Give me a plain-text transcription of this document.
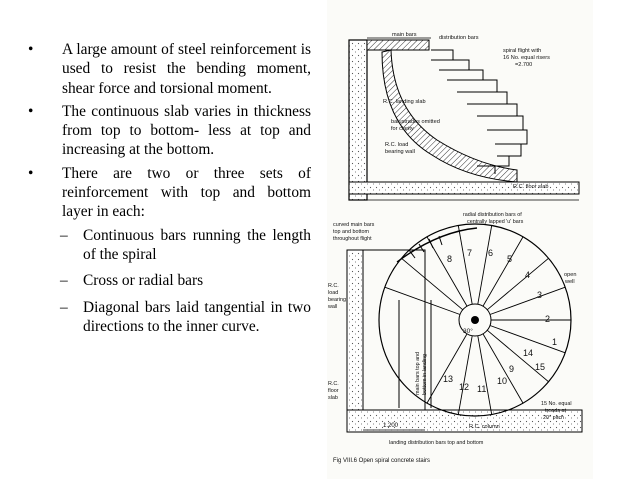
• A large amount of steel reinforcement is used to resist the bending moment, shear force and torsional moment.
• The continuous slab varies in thickness from top to bottom- less at top and increasing at the bottom.
• There are two or three sets of reinforcement with top and bottom layer in each:
– Continuous bars running the length of the spiral
– Cross or radial bars
– Diagonal bars laid tangential in two directions to the inner curve.
main bars	distribution bars
spiral flight with
16 No. equal risers
=2.700
R.C. landing slab
balustrades omitted
for clarity
R.C. load
bearing wall
R.C. floor slab
1
2
3
4
5
6
7
8
9
10
11
12
13
14
15
30°
curved main bars
top and bottom
throughout flight
radial distribution bars of
centrally lapped 'u' bars
open
well
R.C.
load
bearing
wall
main bars top and bottom in landing
R.C.
floor
slab
15 No. equal
treads at
20° pitch
1.200	R.C. column
landing distribution bars top and bottom
Fig VIII.6 Open spiral concrete stairs
